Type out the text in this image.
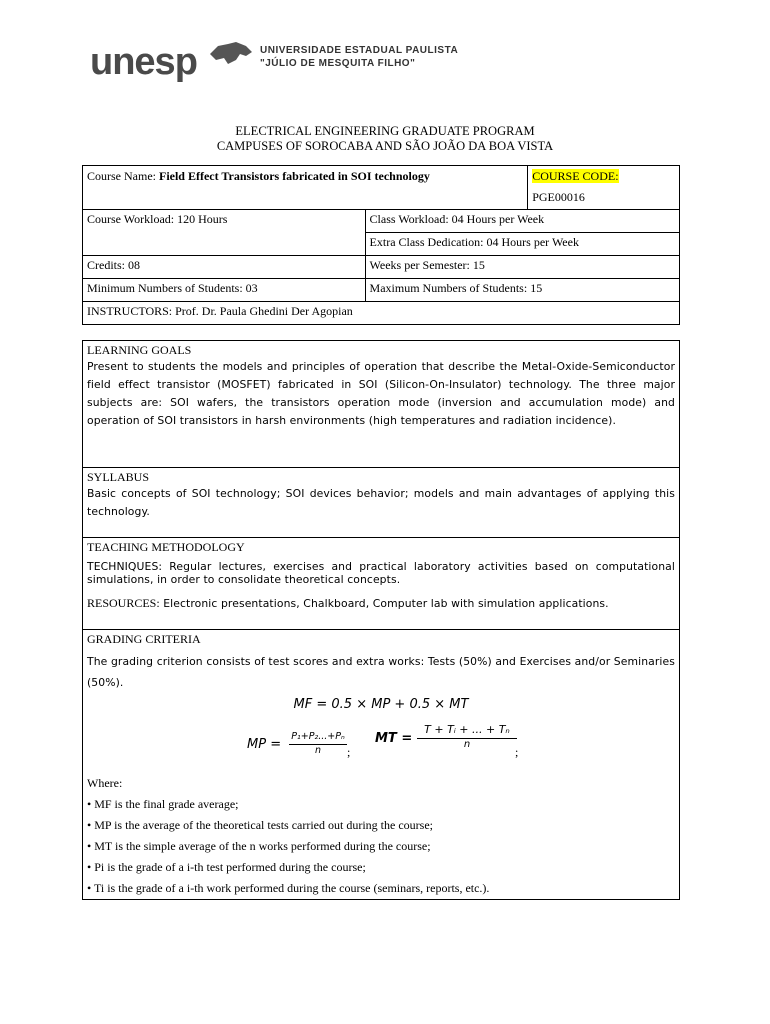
unesp	UNIVERSIDADE ESTADUAL PAULISTA
"JÚLIO DE MESQUITA FILHO"
ELECTRICAL ENGINEERING GRADUATE PROGRAM
CAMPUSES OF SOROCABA AND SÃO JOÃO DA BOA VISTA
Course Name: Field Effect Transistors fabricated in SOI technology		COURSE CODE:
PGE00016

Course Workload: 120 Hours	Class Workload: 04 Hours per Week	
	Extra Class Dedication: 04 Hours per Week	
Credits: 08	Weeks per Semester: 15	
Minimum Numbers of Students: 03	Maximum Numbers of Students: 15	
INSTRUCTORS: Prof. Dr. Paula Ghedini Der Agopian		
LEARNING GOALS
Present to students the models and principles of operation that describe the Metal-Oxide-Semiconductor field effect transistor (MOSFET) fabricated in SOI (Silicon-On-Insulator) technology. The three major subjects are: SOI wafers, the transistors operation mode (inversion and accumulation mode) and operation of SOI transistors in harsh environments (high temperatures and radiation incidence).

SYLLABUS
Basic concepts of SOI technology; SOI devices behavior; models and main advantages of applying this technology.

TEACHING METHODOLOGY
TECHNIQUES: Regular lectures, exercises and practical laboratory activities based on computational simulations, in order to consolidate theoretical concepts.
RESOURCES: Electronic presentations, Chalkboard, Computer lab with simulation applications.

GRADING CRITERIA
The grading criterion consists of test scores and extra works: Tests (50%) and Exercises and/or Seminaries (50%).
MF = 0.5 × MP + 0.5 × MT
MP =
P₁+P₂...+Pₙ
n	;
MT =
T + Tᵢ + ... + Tₙ
n
;
Where:
• MF is the final grade average;
• MP is the average of the theoretical tests carried out during the course;
• MT is the simple average of the n works performed during the course;
• Pi is the grade of a i-th test performed during the course;
• Ti is the grade of a i-th work performed during the course (seminars, reports, etc.).
